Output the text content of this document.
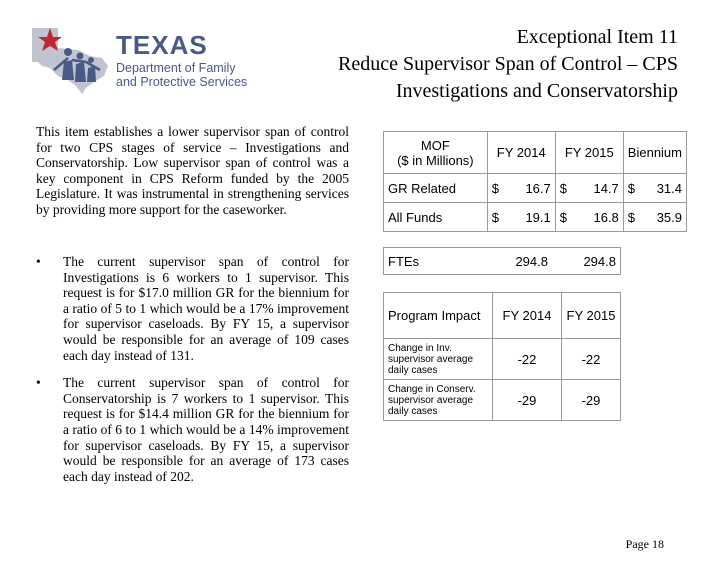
TEXAS
Department of Family
and Protective Services
Exceptional Item 11
Reduce Supervisor Span of Control – CPS
Investigations and Conservatorship

This item establishes a lower supervisor span of control for two CPS stages of service – Investigations and Conservatorship. Low supervisor span of control was a key component in CPS Reform funded by the 2005 Legislature. It was instrumental in strengthening services by providing more support for the caseworker.

• The current supervisor span of control for Investigations is 6 workers to 1 supervisor. This request is for $17.0 million GR for the biennium for a ratio of 5 to 1 which would be a 17% improvement for supervisor caseloads. By FY 15, a supervisor would be responsible for an average of 109 cases each day instead of 131.
• The current supervisor span of control for Conservatorship is 7 workers to 1 supervisor. This request is for $14.4 million GR for the biennium for a ratio of 6 to 1 which would be a 14% improvement for supervisor caseloads. By FY 15, a supervisor would be responsible for an average of 173 cases each day instead of 202.
MOF
($ in Millions)	FY 2014	FY 2015	Biennium
GR Related	$ 16.7	$ 14.7	$ 31.4

All Funds	$ 19.1	$ 16.8	$ 35.9
FTEs	294.8	294.8
Program Impact	FY 2014	FY 2015
Change in Inv. supervisor average daily cases	-22	-22
Change in Conserv. supervisor average daily cases	-29	-29
Page 18
